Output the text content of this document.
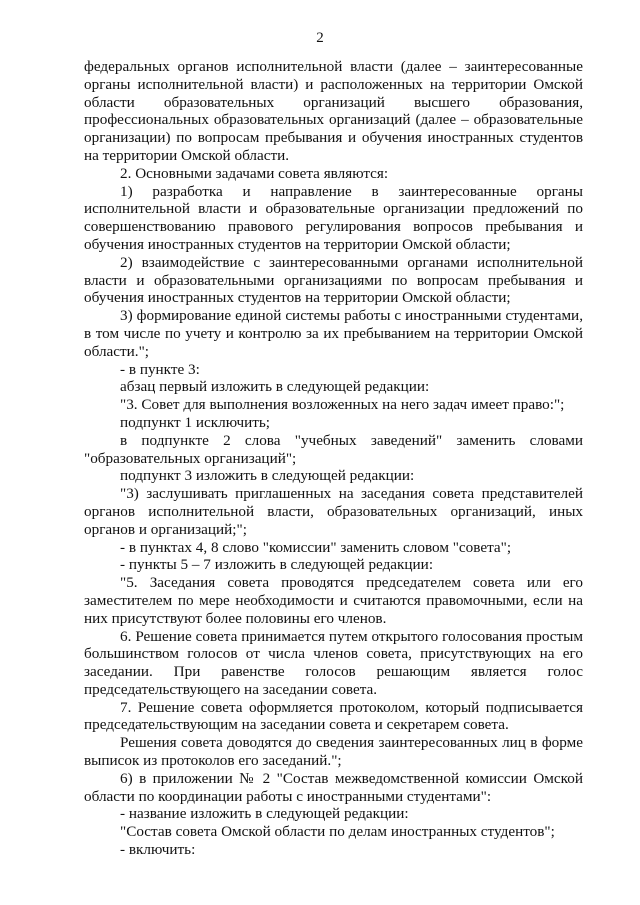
2

федеральных органов исполнительной власти (далее – заинтересованные органы исполнительной власти) и расположенных на территории Омской области образовательных организаций высшего образования, профессиональных образовательных организаций (далее – образовательные организации) по вопросам пребывания и обучения иностранных студентов на территории Омской области.

2. Основными задачами совета являются:

1) разработка и направление в заинтересованные органы исполнительной власти и образовательные организации предложений по совершенствованию правового регулирования вопросов пребывания и обучения иностранных студентов на территории Омской области;

2) взаимодействие с заинтересованными органами исполнительной власти и образовательными организациями по вопросам пребывания и обучения иностранных студентов на территории Омской области;

3) формирование единой системы работы с иностранными студентами, в том числе по учету и контролю за их пребыванием на территории Омской области.";

- в пункте 3:

абзац первый изложить в следующей редакции:

"3. Совет для выполнения возложенных на него задач имеет право:";

подпункт 1 исключить;

в подпункте 2 слова "учебных заведений" заменить словами "образовательных организаций";

подпункт 3 изложить в следующей редакции:

"3) заслушивать приглашенных на заседания совета представителей органов исполнительной власти, образовательных организаций, иных органов и организаций;";

- в пунктах 4, 8 слово "комиссии" заменить словом "совета";

- пункты 5 – 7 изложить в следующей редакции:

"5. Заседания совета проводятся председателем совета или его заместителем по мере необходимости и считаются правомочными, если на них присутствуют более половины его членов.

6. Решение совета принимается путем открытого голосования простым большинством голосов от числа членов совета, присутствующих на его заседании. При равенстве голосов решающим является голос председательствующего на заседании совета.

7. Решение совета оформляется протоколом, который подписывается председательствующим на заседании совета и секретарем совета.

Решения совета доводятся до сведения заинтересованных лиц в форме выписок из протоколов его заседаний.";

6) в приложении № 2 "Состав межведомственной комиссии Омской области по координации работы с иностранными студентами":

- название изложить в следующей редакции:

"Состав совета Омской области по делам иностранных студентов";

- включить:
